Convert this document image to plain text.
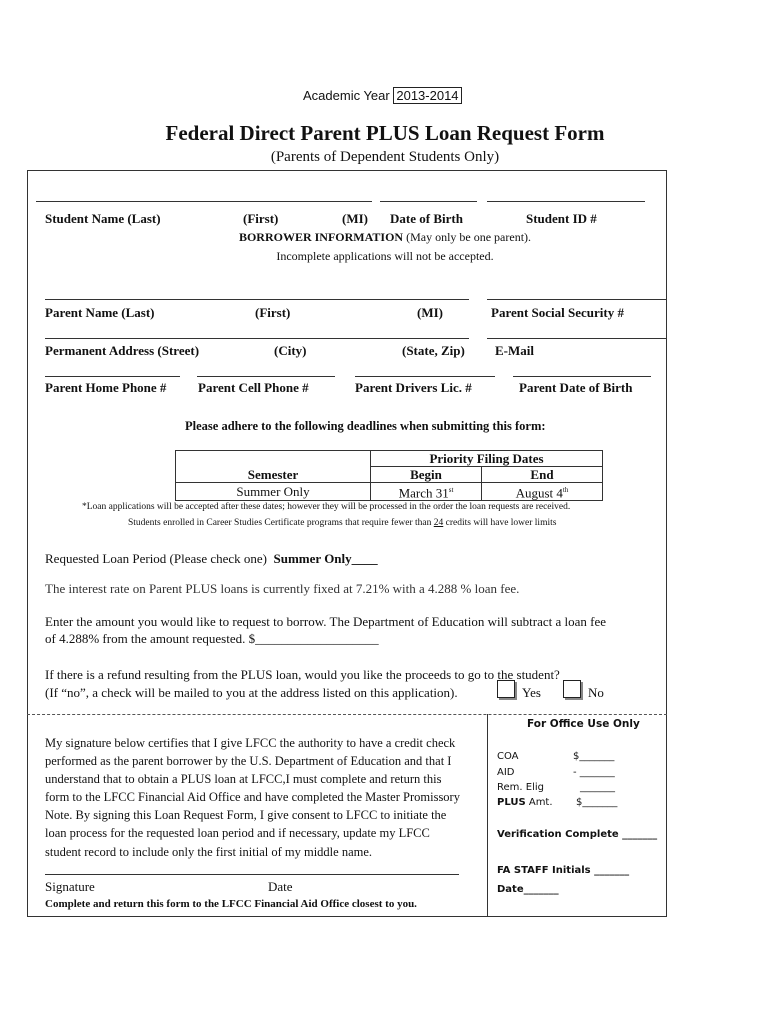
Academic Year 2013-2014
Federal Direct Parent PLUS Loan Request Form
(Parents of Dependent Students Only)
Student Name (Last)	(First)	(MI) Date of Birth	Student ID #
BORROWER INFORMATION (May only be one parent).
Incomplete applications will not be accepted.
Parent Name (Last)	(First)	(MI)	Parent Social Security #
Permanent Address (Street)	(City)	(State, Zip) E-Mail
Parent Home Phone # Parent Cell Phone #	Parent Drivers Lic. #	Parent Date of Birth
Please adhere to the following deadlines when submitting this form:
	Priority Filing Dates	
Semester	Begin	End
Summer Only	March 31st	August 4th
*Loan applications will be accepted after these dates; however they will be processed in the order the loan requests are received.
Students enrolled in Career Studies Certificate programs that require fewer than 24 credits will have lower limits
Requested Loan Period (Please check one) Summer Only____
The interest rate on Parent PLUS loans is currently fixed at 7.21% with a 4.288 % loan fee.
Enter the amount you would like to request to borrow. The Department of Education will subtract a loan fee
of 4.288% from the amount requested. $___________________
If there is a refund resulting from the PLUS loan, would you like the proceeds to go to the student?
(If “no”, a check will be mailed to you at the address listed on this application).	Yes	No
My signature below certifies that I give LFCC the authority to have a credit check
performed as the parent borrower by the U.S. Department of Education and that I
understand that to obtain a PLUS loan at LFCC,I must complete and return this
form to the LFCC Financial Aid Office and have completed the Master Promissory
Note. By signing this Loan Request Form, I give consent to LFCC to initiate the
loan process for the requested loan period and if necessary, update my LFCC
student record to include only the first initial of my middle name.
Signature	Date
Complete and return this form to the LFCC Financial Aid Office closest to you.
For Office Use Only
COA	$_______
AID	- _______
Rem. Elig	_______
PLUS Amt. $_______
Verification Complete _______
FA STAFF Initials _______
Date_______
